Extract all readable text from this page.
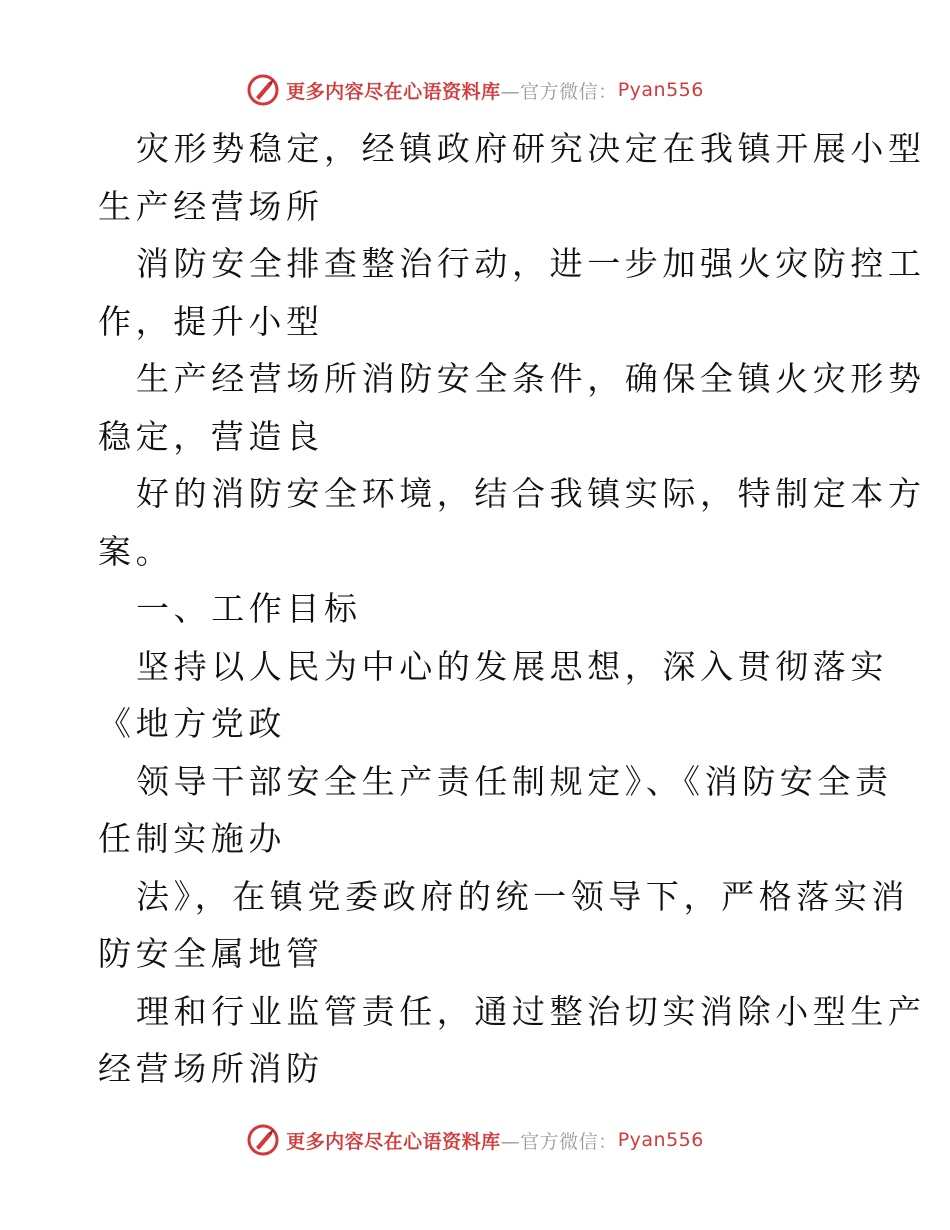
更多内容尽在心语资料库 —官方微信： Pyan556
灾形势稳定，经镇政府研究决定在我镇开展小型
生产经营场所
消防安全排查整治行动，进一步加强火灾防控工
作，提升小型
生产经营场所消防安全条件，确保全镇火灾形势
稳定，营造良
好的消防安全环境，结合我镇实际，特制定本方
案。
一、工作目标
坚持以人民为中心的发展思想，深入贯彻落实
《地方党政
领导干部安全生产责任制规定》、《消防安全责
任制实施办
法》，在镇党委政府的统一领导下，严格落实消
防安全属地管
理和行业监管责任，通过整治切实消除小型生产
经营场所消防
更多内容尽在心语资料库 —官方微信： Pyan556
